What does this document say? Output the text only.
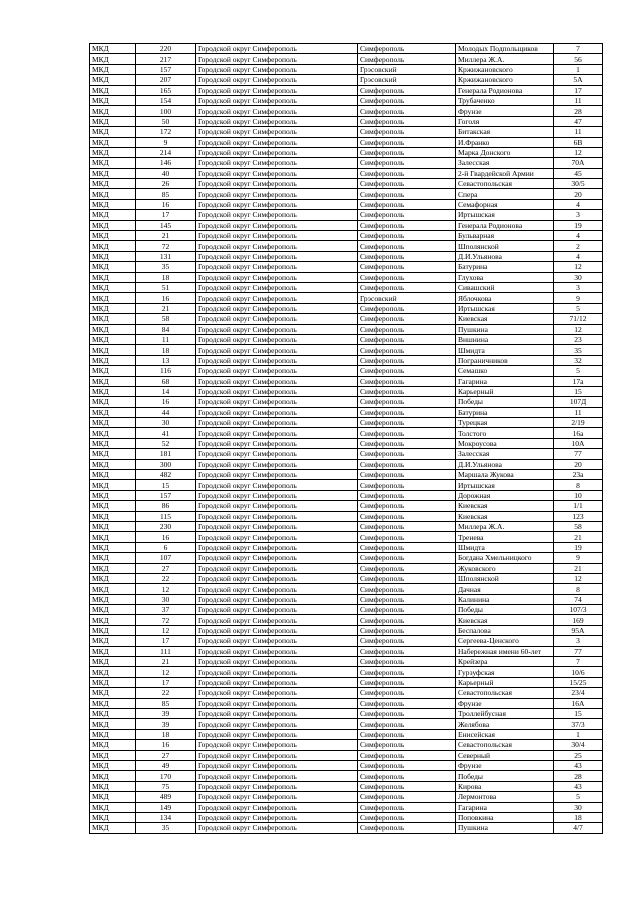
МКД	220	Городской округ Симферополь	Симферополь	Молодых Подпольщиков	7
МКД	217	Городской округ Симферополь	Симферополь	Миллера Ж.А.	56
МКД	157	Городской округ Симферополь	Грэсовский	Кржижановского	1
МКД	207	Городской округ Симферополь	Грэсовский	Кржижановского	5А
МКД	165	Городской округ Симферополь	Симферополь	Генерала Родионова	17
МКД	154	Городской округ Симферополь	Симферополь	Трубаченко	11
МКД	100	Городской округ Симферополь	Симферополь	Фрунзе	28
МКД	50	Городской округ Симферополь	Симферополь	Гоголя	47
МКД	172	Городской округ Симферополь	Симферополь	Битакская	11
МКД	9	Городской округ Симферополь	Симферополь	И.Франко	6В
МКД	214	Городской округ Симферополь	Симферополь	Марка Донского	12
МКД	146	Городской округ Симферополь	Симферополь	Залесская	70А
МКД	40	Городской округ Симферополь	Симферополь	2-й Гвардейской Армии	45
МКД	26	Городской округ Симферополь	Симферополь	Севастопольская	30/5
МКД	85	Городской округ Симферополь	Симферополь	Спера	20
МКД	16	Городской округ Симферополь	Симферополь	Семафорная	4
МКД	17	Городской округ Симферополь	Симферополь	Иртышская	3
МКД	145	Городской округ Симферополь	Симферополь	Генерала Родионова	19
МКД	21	Городской округ Симферополь	Симферополь	Бульварная	4
МКД	72	Городской округ Симферополь	Симферополь	Шполянской	2
МКД	131	Городской округ Симферополь	Симферополь	Д.И.Ульянова	4
МКД	35	Городской округ Симферополь	Симферополь	Батурина	12
МКД	18	Городской округ Симферополь	Симферополь	Глухова	30
МКД	51	Городской округ Симферополь	Симферополь	Сивашский	3
МКД	16	Городской округ Симферополь	Грэсовский	Яблочкова	9
МКД	21	Городской округ Симферополь	Симферополь	Иртышская	5
МКД	58	Городской округ Симферополь	Симферополь	Киевская	71/12
МКД	84	Городской округ Симферополь	Симферополь	Пушкина	12
МКД	11	Городской округ Симферополь	Симферополь	Вишнина	23
МКД	18	Городской округ Симферополь	Симферополь	Шмидта	35
МКД	13	Городской округ Симферополь	Симферополь	Пограничников	32
МКД	116	Городской округ Симферополь	Симферополь	Семашко	5
МКД	68	Городской округ Симферополь	Симферополь	Гагарина	17а
МКД	14	Городской округ Симферополь	Симферополь	Карьерный	15
МКД	16	Городской округ Симферополь	Симферополь	Победы	107Д
МКД	44	Городской округ Симферополь	Симферополь	Батурина	11
МКД	30	Городской округ Симферополь	Симферополь	Турецкая	2/19
МКД	41	Городской округ Симферополь	Симферополь	Толстого	16а
МКД	52	Городской округ Симферополь	Симферополь	Мокроусова	10А
МКД	181	Городской округ Симферополь	Симферополь	Залесская	77
МКД	300	Городской округ Симферополь	Симферополь	Д.И.Ульянова	20
МКД	482	Городской округ Симферополь	Симферополь	Маршала Жукова	23а
МКД	15	Городской округ Симферополь	Симферополь	Иртышская	8
МКД	157	Городской округ Симферополь	Симферополь	Дорожная	10
МКД	86	Городской округ Симферополь	Симферополь	Киевская	1/1
МКД	115	Городской округ Симферополь	Симферополь	Киевская	123
МКД	230	Городской округ Симферополь	Симферополь	Миллера Ж.А.	58
МКД	16	Городской округ Симферополь	Симферополь	Тренева	21
МКД	6	Городской округ Симферополь	Симферополь	Шмидта	19
МКД	107	Городской округ Симферополь	Симферополь	Богдана Хмельницкого	9
МКД	27	Городской округ Симферополь	Симферополь	Жуковского	21
МКД	22	Городской округ Симферополь	Симферополь	Шполянской	12
МКД	12	Городской округ Симферополь	Симферополь	Дачная	8
МКД	30	Городской округ Симферополь	Симферополь	Калинина	74
МКД	37	Городской округ Симферополь	Симферополь	Победы	107/3
МКД	72	Городской округ Симферополь	Симферополь	Киевская	169
МКД	12	Городской округ Симферополь	Симферополь	Беспалова	95А
МКД	17	Городской округ Симферополь	Симферополь	Сергеева-Ценского	3
МКД	111	Городской округ Симферополь	Симферополь	Набережная имени 60-лет	77
МКД	21	Городской округ Симферополь	Симферополь	Крейзера	7
МКД	12	Городской округ Симферополь	Симферополь	Гурзуфская	10/6
МКД	17	Городской округ Симферополь	Симферополь	Карьерный	15/25
МКД	22	Городской округ Симферополь	Симферополь	Севастопольская	23/4
МКД	85	Городской округ Симферополь	Симферополь	Фрунзе	16А
МКД	39	Городской округ Симферополь	Симферополь	Троллейбусная	15
МКД	39	Городской округ Симферополь	Симферополь	Желябова	37/3
МКД	18	Городской округ Симферополь	Симферополь	Енисейская	1
МКД	16	Городской округ Симферополь	Симферополь	Севастопольская	30/4
МКД	27	Городской округ Симферополь	Симферополь	Северный	25
МКД	49	Городской округ Симферополь	Симферополь	Фрунзе	43
МКД	170	Городской округ Симферополь	Симферополь	Победы	28
МКД	75	Городской округ Симферополь	Симферополь	Кирова	43
МКД	489	Городской округ Симферополь	Симферополь	Лермонтова	5
МКД	149	Городской округ Симферополь	Симферополь	Гагарина	30
МКД	134	Городской округ Симферополь	Симферополь	Поповкина	18
МКД	35	Городской округ Симферополь	Симферополь	Пушкина	4/7
